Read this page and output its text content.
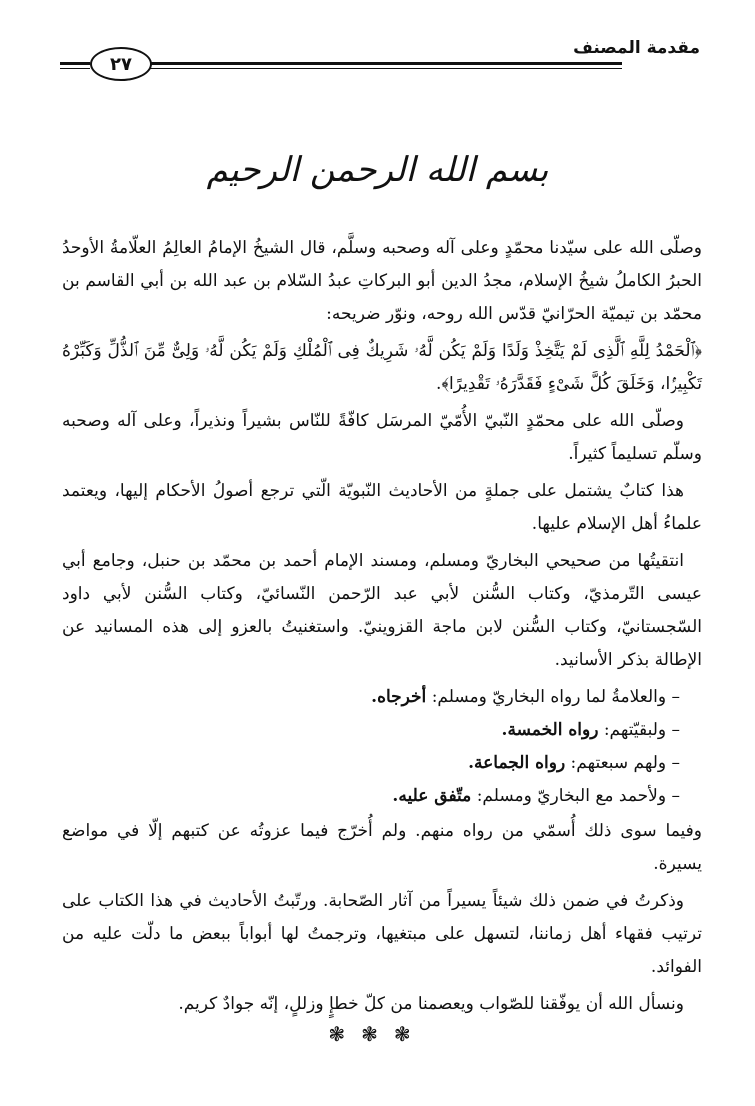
مقدمة المصنف
٢٧
بسم الله الرحمن الرحيم

وصلّى الله على سيّدنا محمّدٍ وعلى آله وصحبه وسلَّم، قال الشيخُ الإمامُ العالِمُ العلّامةُ الأوحدُ الحبرُ الكاملُ شيخُ الإسلام، مجدُ الدين أبو البركاتِ عبدُ السّلام بن عبد الله بن أبي القاسم بن محمّد بن تيميّة الحرّانيّ قدّس الله روحه، ونوّر ضريحه:

﴿ٱلْحَمْدُ لِلَّهِ ٱلَّذِى لَمْ يَتَّخِذْ وَلَدًا وَلَمْ يَكُن لَّهُۥ شَرِيكٌ فِى ٱلْمُلْكِ وَلَمْ يَكُن لَّهُۥ وَلِىٌّ مِّنَ ٱلذُّلِّ وَكَبِّرْهُ تَكْبِيرًۢا، وَخَلَقَ كُلَّ شَىْءٍ فَقَدَّرَهُۥ تَقْدِيرًا﴾.

وصلّى الله على محمّدٍ النّبيّ الأُمّيّ المرسَل كافّةً للنّاس بشيراً ونذيراً، وعلى آله وصحبه وسلّم تسليماً كثيراً.

هذا كتابٌ يشتمل على جملةٍ من الأحاديث النّبويّة الّتي ترجع أصولُ الأحكام إليها، ويعتمد علماءُ أهل الإسلام عليها.

انتقيتُها من صحيحي البخاريّ ومسلم، ومسند الإمام أحمد بن محمّد بن حنبل، وجامع أبي عيسى التّرمذيّ، وكتاب السُّنن لأبي عبد الرّحمن النّسائيّ، وكتاب السُّنن لأبي داود السّجستانيّ، وكتاب السُّنن لابن ماجة القزوينيّ. واستغنيتُ بالعزو إلى هذه المسانيد عن الإطالة بذكر الأسانيد.

– والعلامةُ لما رواه البخاريّ ومسلم: أخرجاه.
– ولبقيّتهم: رواه الخمسة.
– ولهم سبعتهم: رواه الجماعة.
– ولأحمد مع البخاريّ ومسلم: متّفق عليه.

وفيما سوى ذلك أُسمّي من رواه منهم. ولم أُخرّج فيما عزوتُه عن كتبهم إلّا في مواضع يسيرة.

وذكرتُ في ضمن ذلك شيئاً يسيراً من آثار الصّحابة. ورتّبتُ الأحاديث في هذا الكتاب على ترتيب فقهاء أهل زماننا، لتسهل على مبتغيها، وترجمتُ لها أبواباً ببعض ما دلّت عليه من الفوائد.

ونسأل الله أن يوفّقنا للصّواب ويعصمنا من كلّ خطإٍ وزللٍ، إنّه جوادٌ كريم.

❃❃❃
